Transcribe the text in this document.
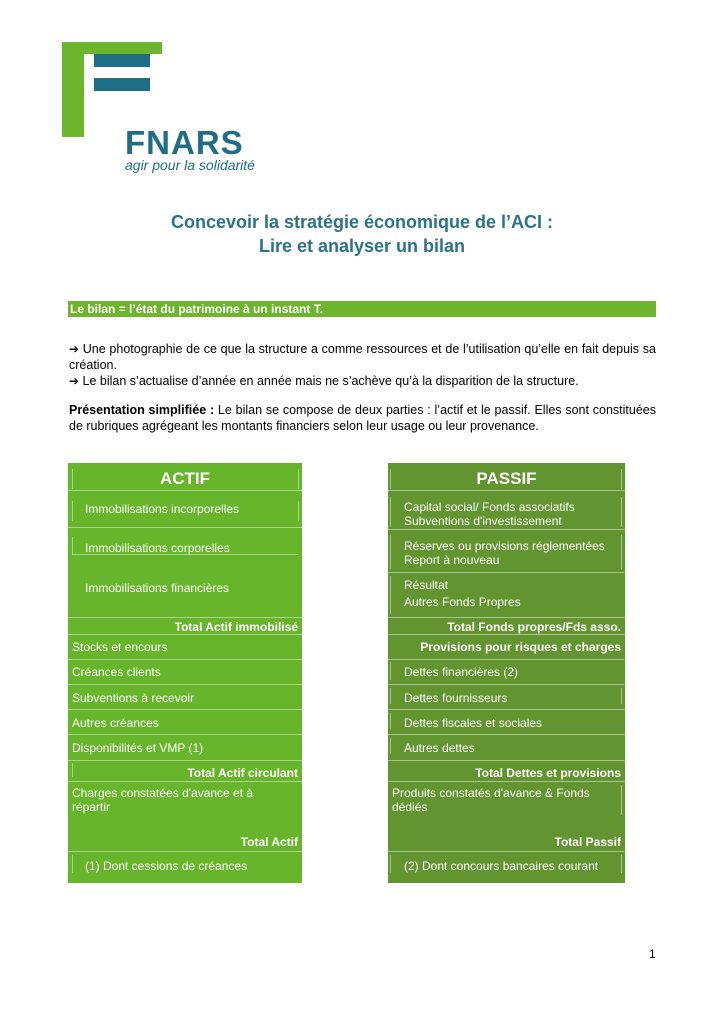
FNARS
agir pour la solidarité
Concevoir la stratégie économique de l’ACI :
Lire et analyser un bilan
Le bilan = l’état du patrimoine à un instant T.
➔ Une photographie de ce que la structure a comme ressources et de l’utilisation qu’elle en fait depuis sa création.
➔ Le bilan s’actualise d’année en année mais ne s’achève qu’à la disparition de la structure.
Présentation simplifiée : Le bilan se compose de deux parties : l’actif et le passif. Elles sont constituées de rubriques agrégeant les montants financiers selon leur usage ou leur provenance.
ACTIF
Immobilisations incorporelles
Immobilisations corporelles
Immobilisations financières
Total Actif immobilisé
Stocks et encours
Créances clients
Subventions à recevoir
Autres créances
Disponibilités et VMP (1)
Total Actif circulant
Charges constatées d'avance et à
répartir
Total Actif
(1) Dont cessions de créances
PASSIF
Capital social/ Fonds associatifs
Subventions d'investissement
Réserves ou provisions réglementées
Report à nouveau
Résultat
Autres Fonds Propres
Total Fonds propres/Fds asso.
Provisions pour risques et charges
Dettes financières (2)
Dettes fournisseurs
Dettes fiscales et sociales
Autres dettes
Total Dettes et provisions
Produits constatés d'avance & Fonds
dédiés
Total Passif
(2) Dont concours bancaires courant
1
